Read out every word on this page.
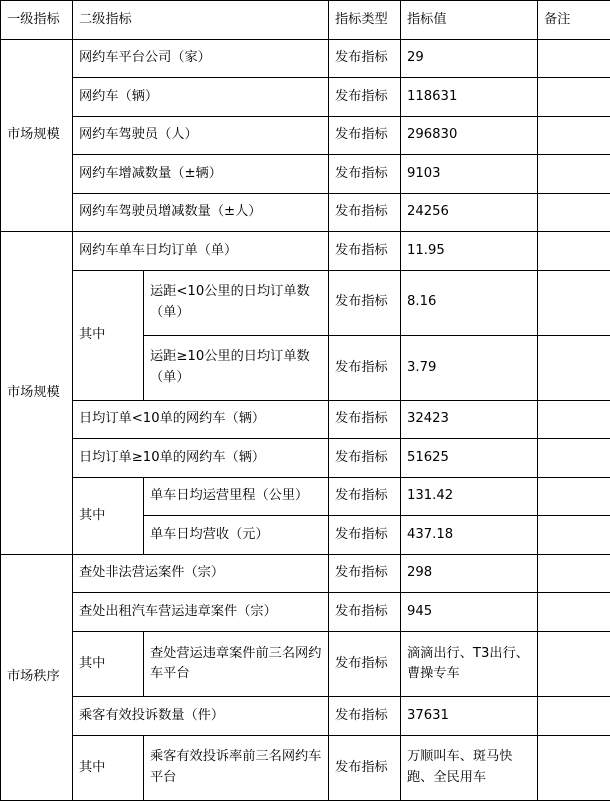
一级指标	二级指标		指标类型	指标值	备注
市场规模	网约车平台公司（家）		发布指标	29	
	网约车（辆）		发布指标	118631	
	网约车驾驶员（人）		发布指标	296830	
	网约车增减数量（±辆）		发布指标	9103	
	网约车驾驶员增减数量（±人）		发布指标	24256	
市场规模	网约车单车日均订单（单）		发布指标	11.95	
	其中	运距<10公里的日均订单数（单）	发布指标	8.16	
		运距≥10公里的日均订单数（单）	发布指标	3.79	
	日均订单<10单的网约车（辆）		发布指标	32423	
	日均订单≥10单的网约车（辆）		发布指标	51625	
	其中	单车日均运营里程（公里）	发布指标	131.42	
		单车日均营收（元）	发布指标	437.18	
市场秩序	查处非法营运案件（宗）		发布指标	298	
	查处出租汽车营运违章案件（宗）		发布指标	945	
	其中	查处营运违章案件前三名网约车平台	发布指标	滴滴出行、T3出行、曹操专车	
	乘客有效投诉数量（件）		发布指标	37631	
	其中	乘客有效投诉率前三名网约车平台	发布指标	万顺叫车、斑马快跑、全民用车	
